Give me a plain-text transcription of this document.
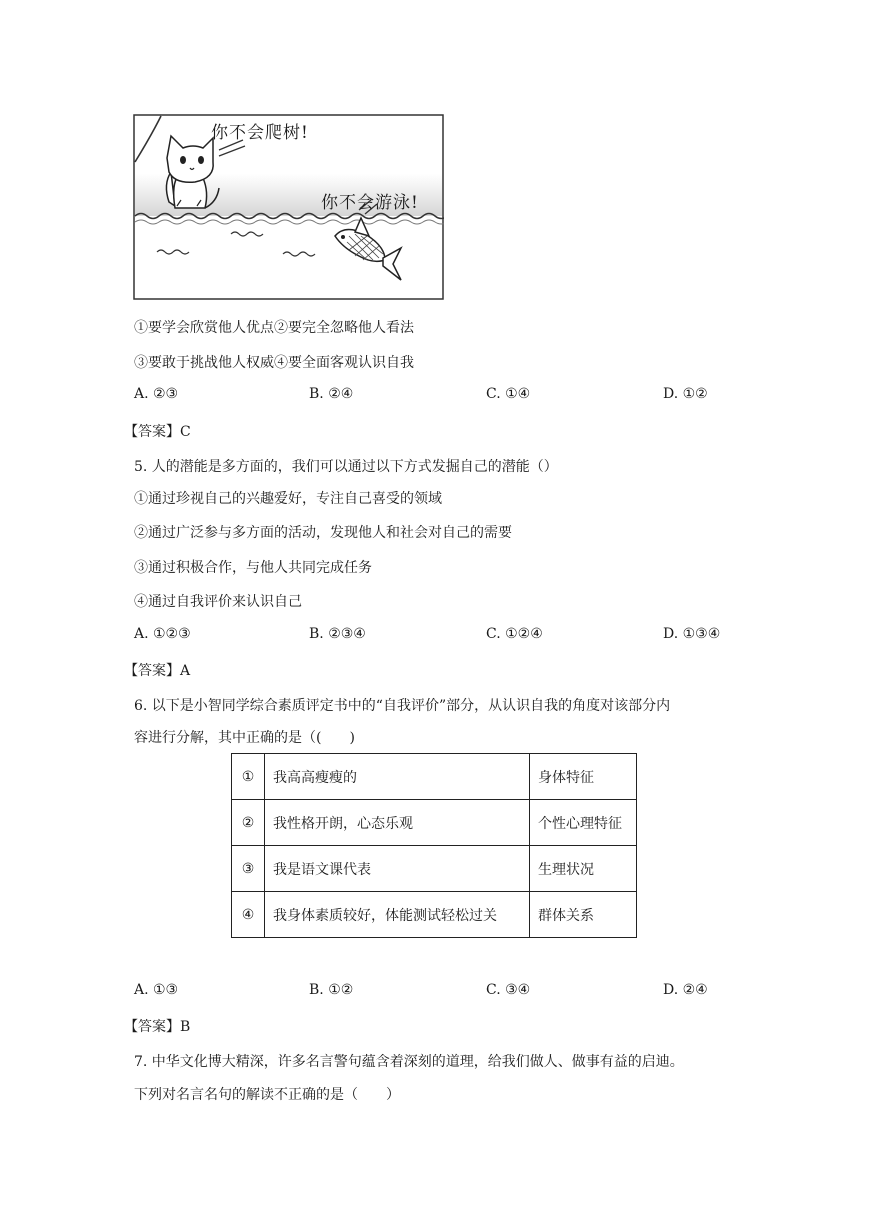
你不会爬树!
你不会游泳!
①要学会欣赏他人优点②要完全忽略他人看法
③要敢于挑战他人权威④要全面客观认识自我
A. ②③	B. ②④	C. ①④	D. ①②
【答案】C
5. 人的潜能是多方面的，我们可以通过以下方式发掘自己的潜能（）
①通过珍视自己的兴趣爱好，专注自己喜受的领域
②通过广泛参与多方面的活动，发现他人和社会对自己的需要
③通过积极合作，与他人共同完成任务
④通过自我评价来认识自己
A. ①②③	B. ②③④	C. ①②④	D. ①③④
【答案】A
6. 以下是小智同学综合素质评定书中的“自我评价”部分，从认识自我的角度对该部分内
容进行分解，其中正确的是（(　　)
①	我高高瘦瘦的	身体特征
②	我性格开朗，心态乐观	个性心理特征
③	我是语文课代表	生理状况
④	我身体素质较好，体能测试轻松过关	群体关系
A. ①③	B. ①②	C. ③④	D. ②④
【答案】B
7. 中华文化博大精深，许多名言警句蕴含着深刻的道理，给我们做人、做事有益的启迪。
下列对名言名句的解读不正确的是（　　）
